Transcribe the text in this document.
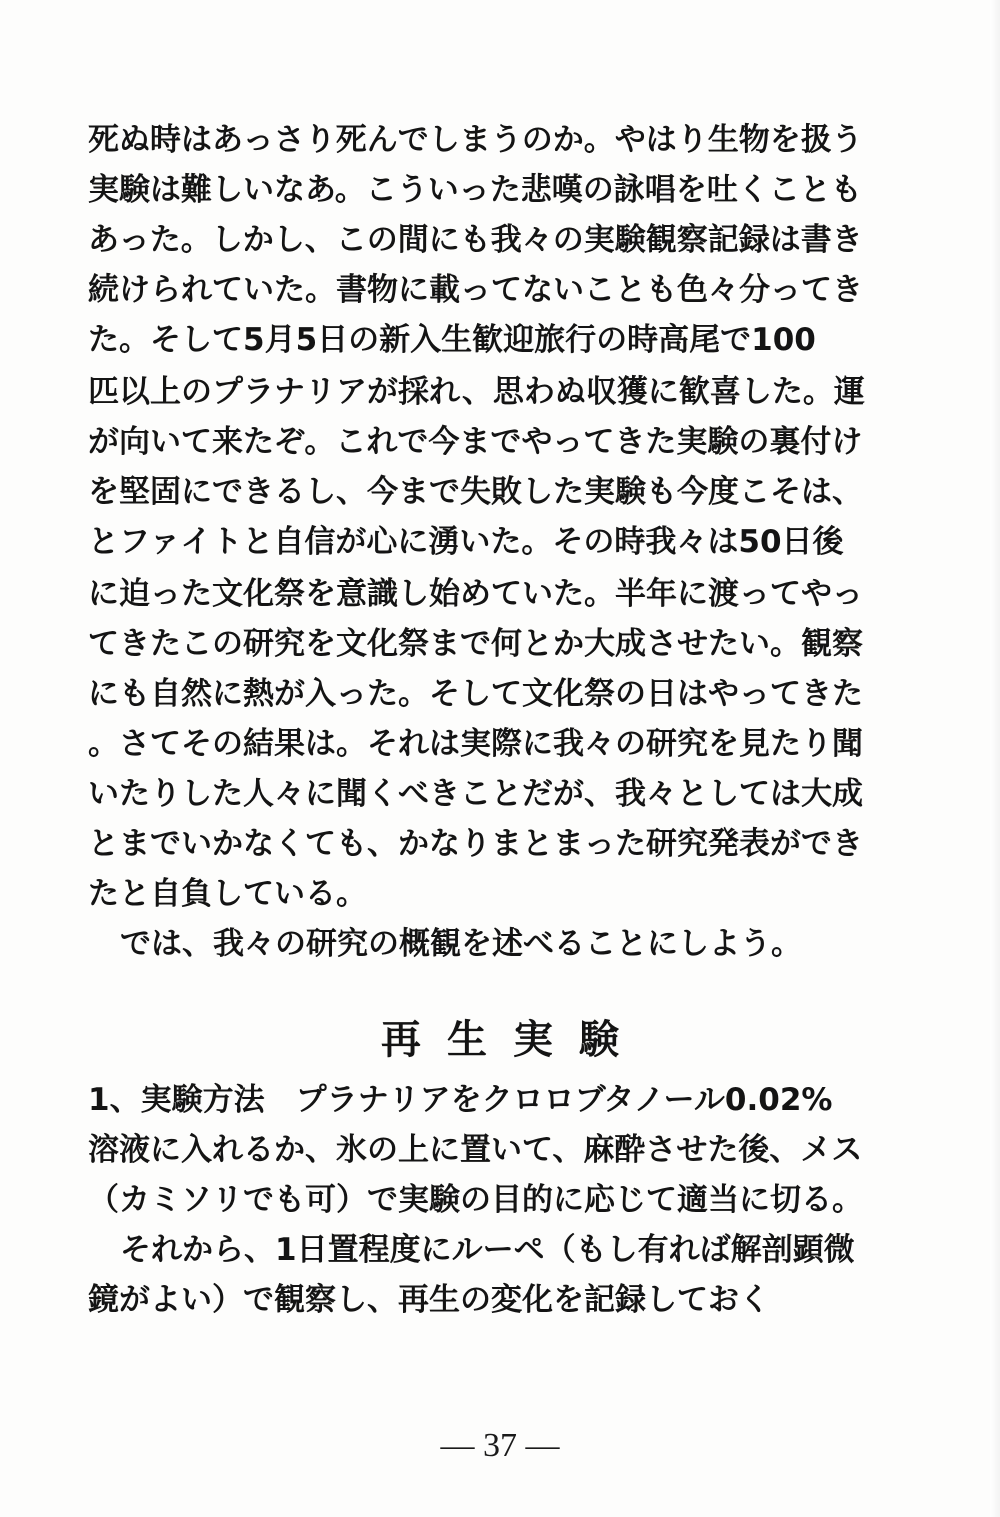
死ぬ時はあっさり死んでしまうのか。やはり生物を扱う
実験は難しいなあ。こういった悲嘆の詠唱を吐くことも
あった。しかし、この間にも我々の実験観察記録は書き
続けられていた。書物に載ってないことも色々分ってき
た。そして5月5日の新入生歓迎旅行の時高尾で100
匹以上のプラナリアが採れ、思わぬ収獲に歓喜した。運
が向いて来たぞ。これで今までやってきた実験の裏付け
を堅固にできるし、今まで失敗した実験も今度こそは、
とファイトと自信が心に湧いた。その時我々は50日後
に迫った文化祭を意識し始めていた。半年に渡ってやっ
てきたこの研究を文化祭まで何とか大成させたい。観察
にも自然に熱が入った。そして文化祭の日はやってきた
。さてその結果は。それは実際に我々の研究を見たり聞
いたりした人々に聞くべきことだが、我々としては大成
とまでいかなくても、かなりまとまった研究発表ができ
たと自負している。
では、我々の研究の概観を述べることにしよう。
再生実験
1、実験方法　プラナリアをクロロブタノール0.02%
溶液に入れるか、氷の上に置いて、麻酔させた後、メス
（カミソリでも可）で実験の目的に応じて適当に切る。
それから、1日置程度にルーペ（もし有れば解剖顕微
鏡がよい）で観察し、再生の変化を記録しておく
— 37 —
